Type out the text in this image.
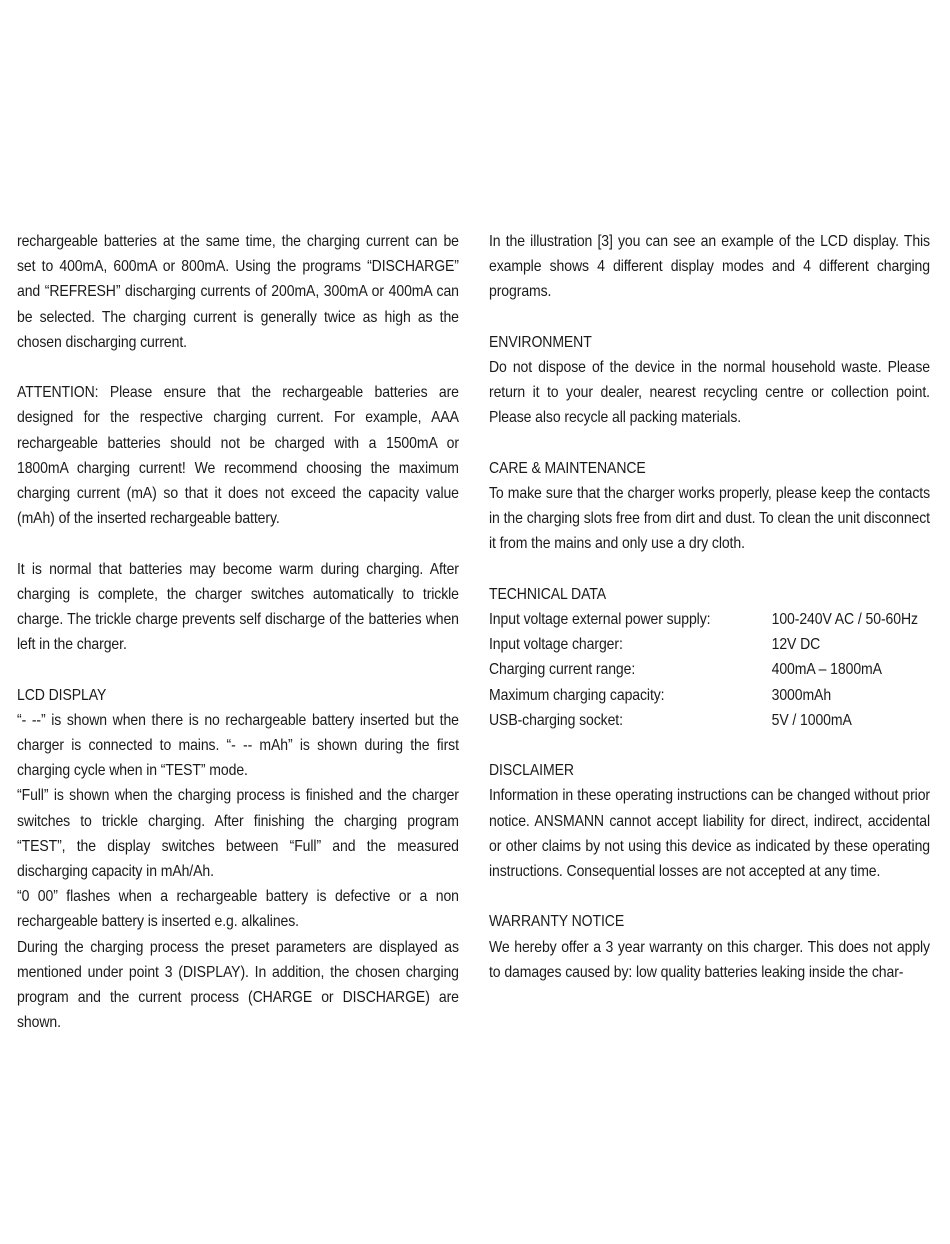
rechargeable batteries at the same time, the charging current can be set to 400mA, 600mA or 800mA. Using the programs “DISCHARGE” and “REFRESH” discharging currents of 200mA, 300mA or 400mA can be selected. The charging current is generally twice as high as the chosen discharging current.

ATTENTION: Please ensure that the rechargeable batteries are designed for the respective charging current. For example, AAA rechargeable batteries should not be charged with a 1500mA or 1800mA charging current! We recommend choosing the maximum charging current (mA) so that it does not exceed the capacity value (mAh) of the inserted rechargeable battery.

It is normal that batteries may become warm during charging. After charging is complete, the charger switches automatically to trickle charge. The trickle charge prevents self discharge of the batteries when left in the charger.

LCD DISPLAY

“- --” is shown when there is no rechargeable battery inserted but the charger is connected to mains. “- -- mAh” is shown during the first charging cycle when in “TEST” mode.

“Full” is shown when the charging process is finished and the charger switches to trickle charging. After finishing the charging program “TEST”, the display switches between “Full” and the measured discharging capacity in mAh/Ah.

“0 00” flashes when a rechargeable battery is defective or a non rechargeable battery is inserted e.g. alkalines.

During the charging process the preset parameters are displayed as mentioned under point 3 (DISPLAY). In addition, the chosen charging program and the current process (CHARGE or DISCHARGE) are shown.

In the illustration [3] you can see an example of the LCD display. This example shows 4 different display modes and 4 different charging programs.

ENVIRONMENT

Do not dispose of the device in the normal household waste. Please return it to your dealer, nearest recycling centre or collection point. Please also recycle all packing materials.

CARE & MAINTENANCE

To make sure that the charger works properly, please keep the contacts in the charging slots free from dirt and dust. To clean the unit disconnect it from the mains and only use a dry cloth.

TECHNICAL DATA

Input voltage external power supply:	100-240V AC / 50-60Hz
Input voltage charger:	12V DC
Charging current range:	400mA – 1800mA
Maximum charging capacity:	3000mAh
USB-charging socket:	5V / 1000mA

DISCLAIMER

Information in these operating instructions can be changed without prior notice. ANSMANN cannot accept liability for direct, indirect, accidental or other claims by not using this device as indicated by these operating instructions. Consequential losses are not accepted at any time.

WARRANTY NOTICE

We hereby offer a 3 year warranty on this charger. This does not apply to damages caused by: low quality batteries leaking inside the char-
